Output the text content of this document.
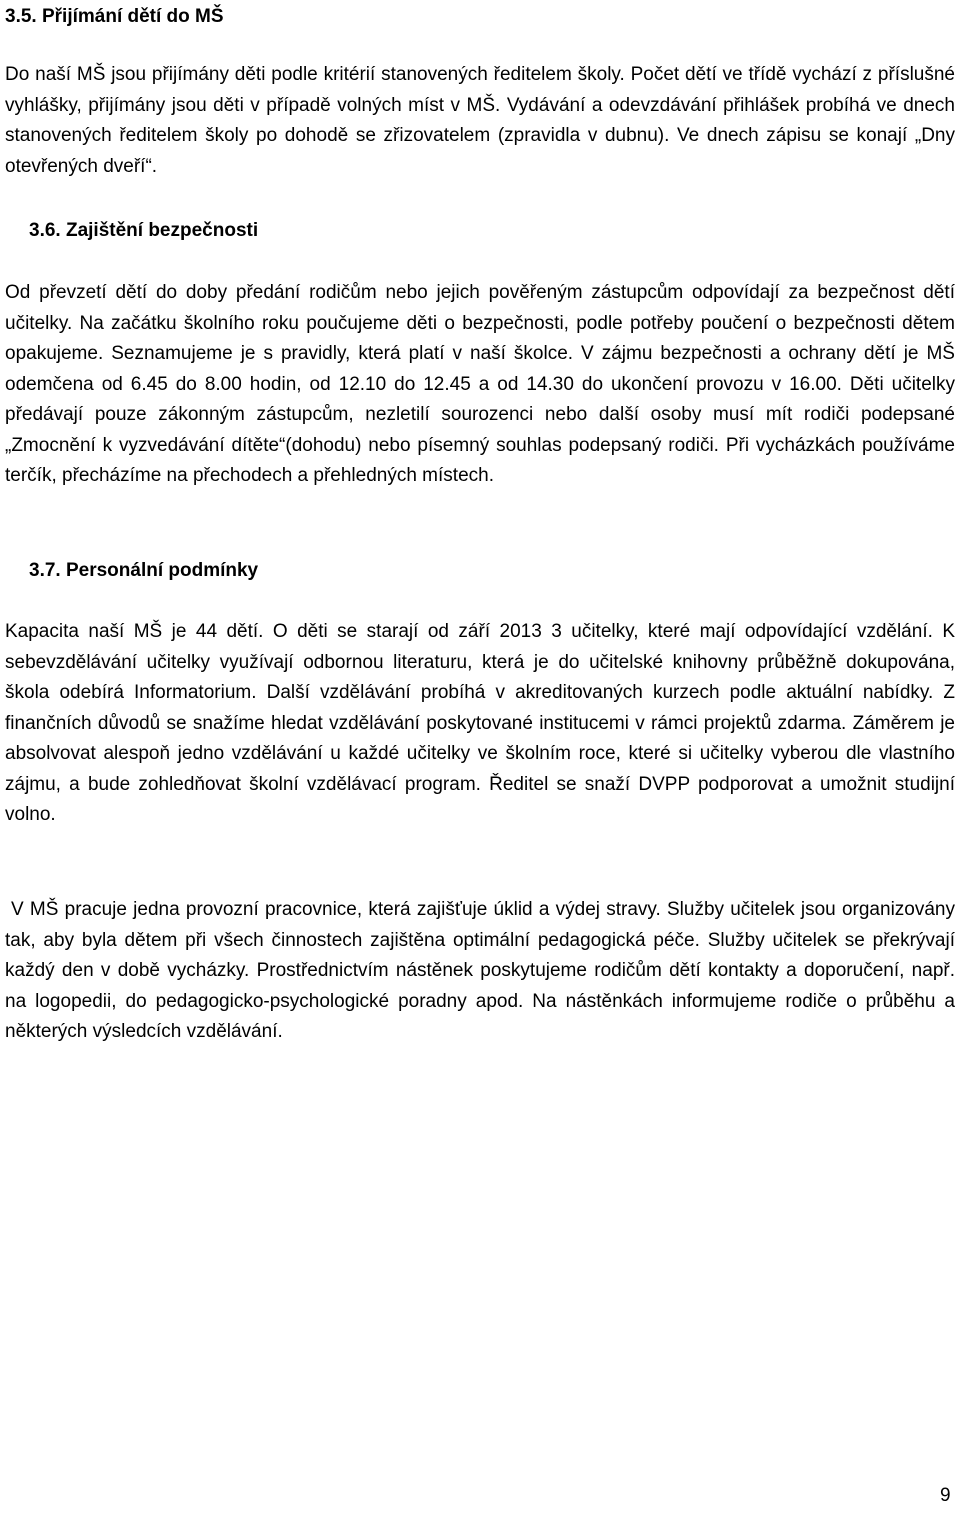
3.5. Přijímání dětí do MŠ

Do naší MŠ jsou přijímány děti podle kritérií stanovených ředitelem školy. Počet dětí ve třídě vychází z příslušné vyhlášky, přijímány jsou děti v případě volných míst v MŠ. Vydávání a odevzdávání přihlášek probíhá ve dnech stanovených ředitelem školy po dohodě se zřizovatelem (zpravidla v dubnu). Ve dnech zápisu se konají „Dny otevřených dveří“.

3.6. Zajištění bezpečnosti

Od převzetí dětí do doby předání rodičům nebo jejich pověřeným zástupcům odpovídají za bezpečnost dětí učitelky. Na začátku školního roku poučujeme děti o bezpečnosti, podle potřeby poučení o bezpečnosti dětem opakujeme. Seznamujeme je s pravidly, která platí v naší školce. V zájmu bezpečnosti a ochrany dětí je MŠ odemčena od 6.45 do 8.00 hodin, od 12.10 do 12.45 a od 14.30 do ukončení provozu v 16.00. Děti učitelky předávají pouze zákonným zástupcům, nezletilí sourozenci nebo další osoby musí mít rodiči podepsané „Zmocnění k vyzvedávání dítěte“(dohodu) nebo písemný souhlas podepsaný rodiči. Při vycházkách používáme terčík, přecházíme na přechodech a přehledných místech.

3.7. Personální podmínky

Kapacita naší MŠ je 44 dětí. O děti se starají od září 2013 3 učitelky, které mají odpovídající vzdělání. K sebevzdělávání učitelky využívají odbornou literaturu, která je do učitelské knihovny průběžně dokupována, škola odebírá Informatorium. Další vzdělávání probíhá v akreditovaných kurzech podle aktuální nabídky. Z finančních důvodů se snažíme hledat vzdělávání poskytované institucemi v rámci projektů zdarma. Záměrem je absolvovat alespoň jedno vzdělávání u každé učitelky ve školním roce, které si učitelky vyberou dle vlastního zájmu, a bude zohledňovat školní vzdělávací program. Ředitel se snaží DVPP podporovat a umožnit studijní volno.

V MŠ pracuje jedna provozní pracovnice, která zajišťuje úklid a výdej stravy. Služby učitelek jsou organizovány tak, aby byla dětem při všech činnostech zajištěna optimální pedagogická péče. Služby učitelek se překrývají každý den v době vycházky. Prostřednictvím nástěnek poskytujeme rodičům dětí kontakty a doporučení, např. na logopedii, do pedagogicko-psychologické poradny apod. Na nástěnkách informujeme rodiče o průběhu a některých výsledcích vzdělávání.

9
